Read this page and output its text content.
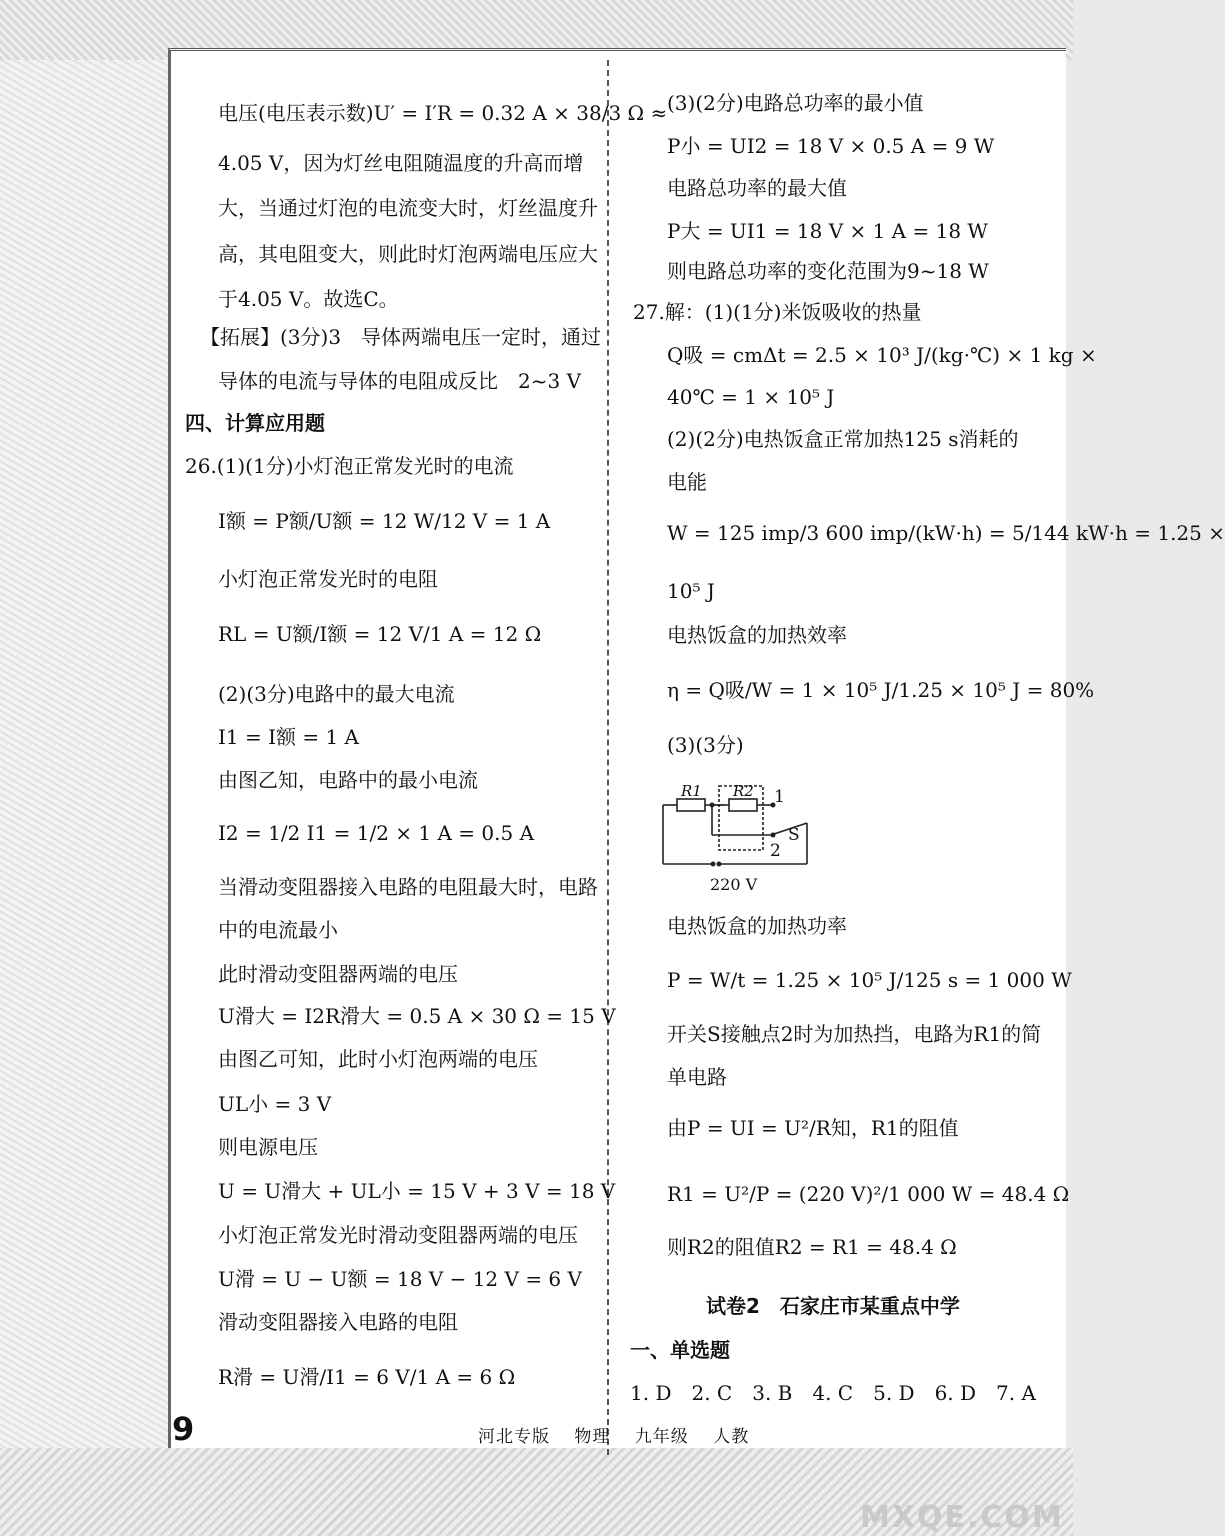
电压(电压表示数)U′ = I′R = 0.32 A × 38/3 Ω ≈
4.05 V，因为灯丝电阻随温度的升高而增
大，当通过灯泡的电流变大时，灯丝温度升
高，其电阻变大，则此时灯泡两端电压应大
于4.05 V。故选C。
【拓展】(3分)3　导体两端电压一定时，通过
导体的电流与导体的电阻成反比　2~3 V
四、计算应用题
26.(1)(1分)小灯泡正常发光时的电流
I额 = P额/U额 = 12 W/12 V = 1 A
小灯泡正常发光时的电阻
RL = U额/I额 = 12 V/1 A = 12 Ω
(2)(3分)电路中的最大电流
I1 = I额 = 1 A
由图乙知，电路中的最小电流
I2 = 1/2 I1 = 1/2 × 1 A = 0.5 A
当滑动变阻器接入电路的电阻最大时，电路
中的电流最小
此时滑动变阻器两端的电压
U滑大 = I2R滑大 = 0.5 A × 30 Ω = 15 V
由图乙可知，此时小灯泡两端的电压
UL小 = 3 V
则电源电压
U = U滑大 + UL小 = 15 V + 3 V = 18 V
小灯泡正常发光时滑动变阻器两端的电压
U滑 = U − U额 = 18 V − 12 V = 6 V
滑动变阻器接入电路的电阻
R滑 = U滑/I1 = 6 V/1 A = 6 Ω
(3)(2分)电路总功率的最小值
P小 = UI2 = 18 V × 0.5 A = 9 W
电路总功率的最大值
P大 = UI1 = 18 V × 1 A = 18 W
则电路总功率的变化范围为9~18 W
27.解：(1)(1分)米饭吸收的热量
Q吸 = cmΔt = 2.5 × 10³ J/(kg·℃) × 1 kg ×
40℃ = 1 × 10⁵ J
(2)(2分)电热饭盒正常加热125 s消耗的
电能
W = 125 imp/3 600 imp/(kW·h) = 5/144 kW·h = 1.25 ×
10⁵ J
电热饭盒的加热效率
η = Q吸/W = 1 × 10⁵ J/1.25 × 10⁵ J = 80%
(3)(3分)
R1 R2 1
2
S
220 V
电热饭盒的加热功率
P = W/t = 1.25 × 10⁵ J/125 s = 1 000 W
开关S接触点2时为加热挡，电路为R1的简
单电路
由P = UI = U²/R知，R1的阻值
R1 = U²/P = (220 V)²/1 000 W = 48.4 Ω
则R2的阻值R2 = R1 = 48.4 Ω
试卷2　石家庄市某重点中学
一、单选题
1. D　2. C　3. B　4. C　5. D　6. D　7. A
9	河北专版 物理 九年级 人教
MXQE.COM
